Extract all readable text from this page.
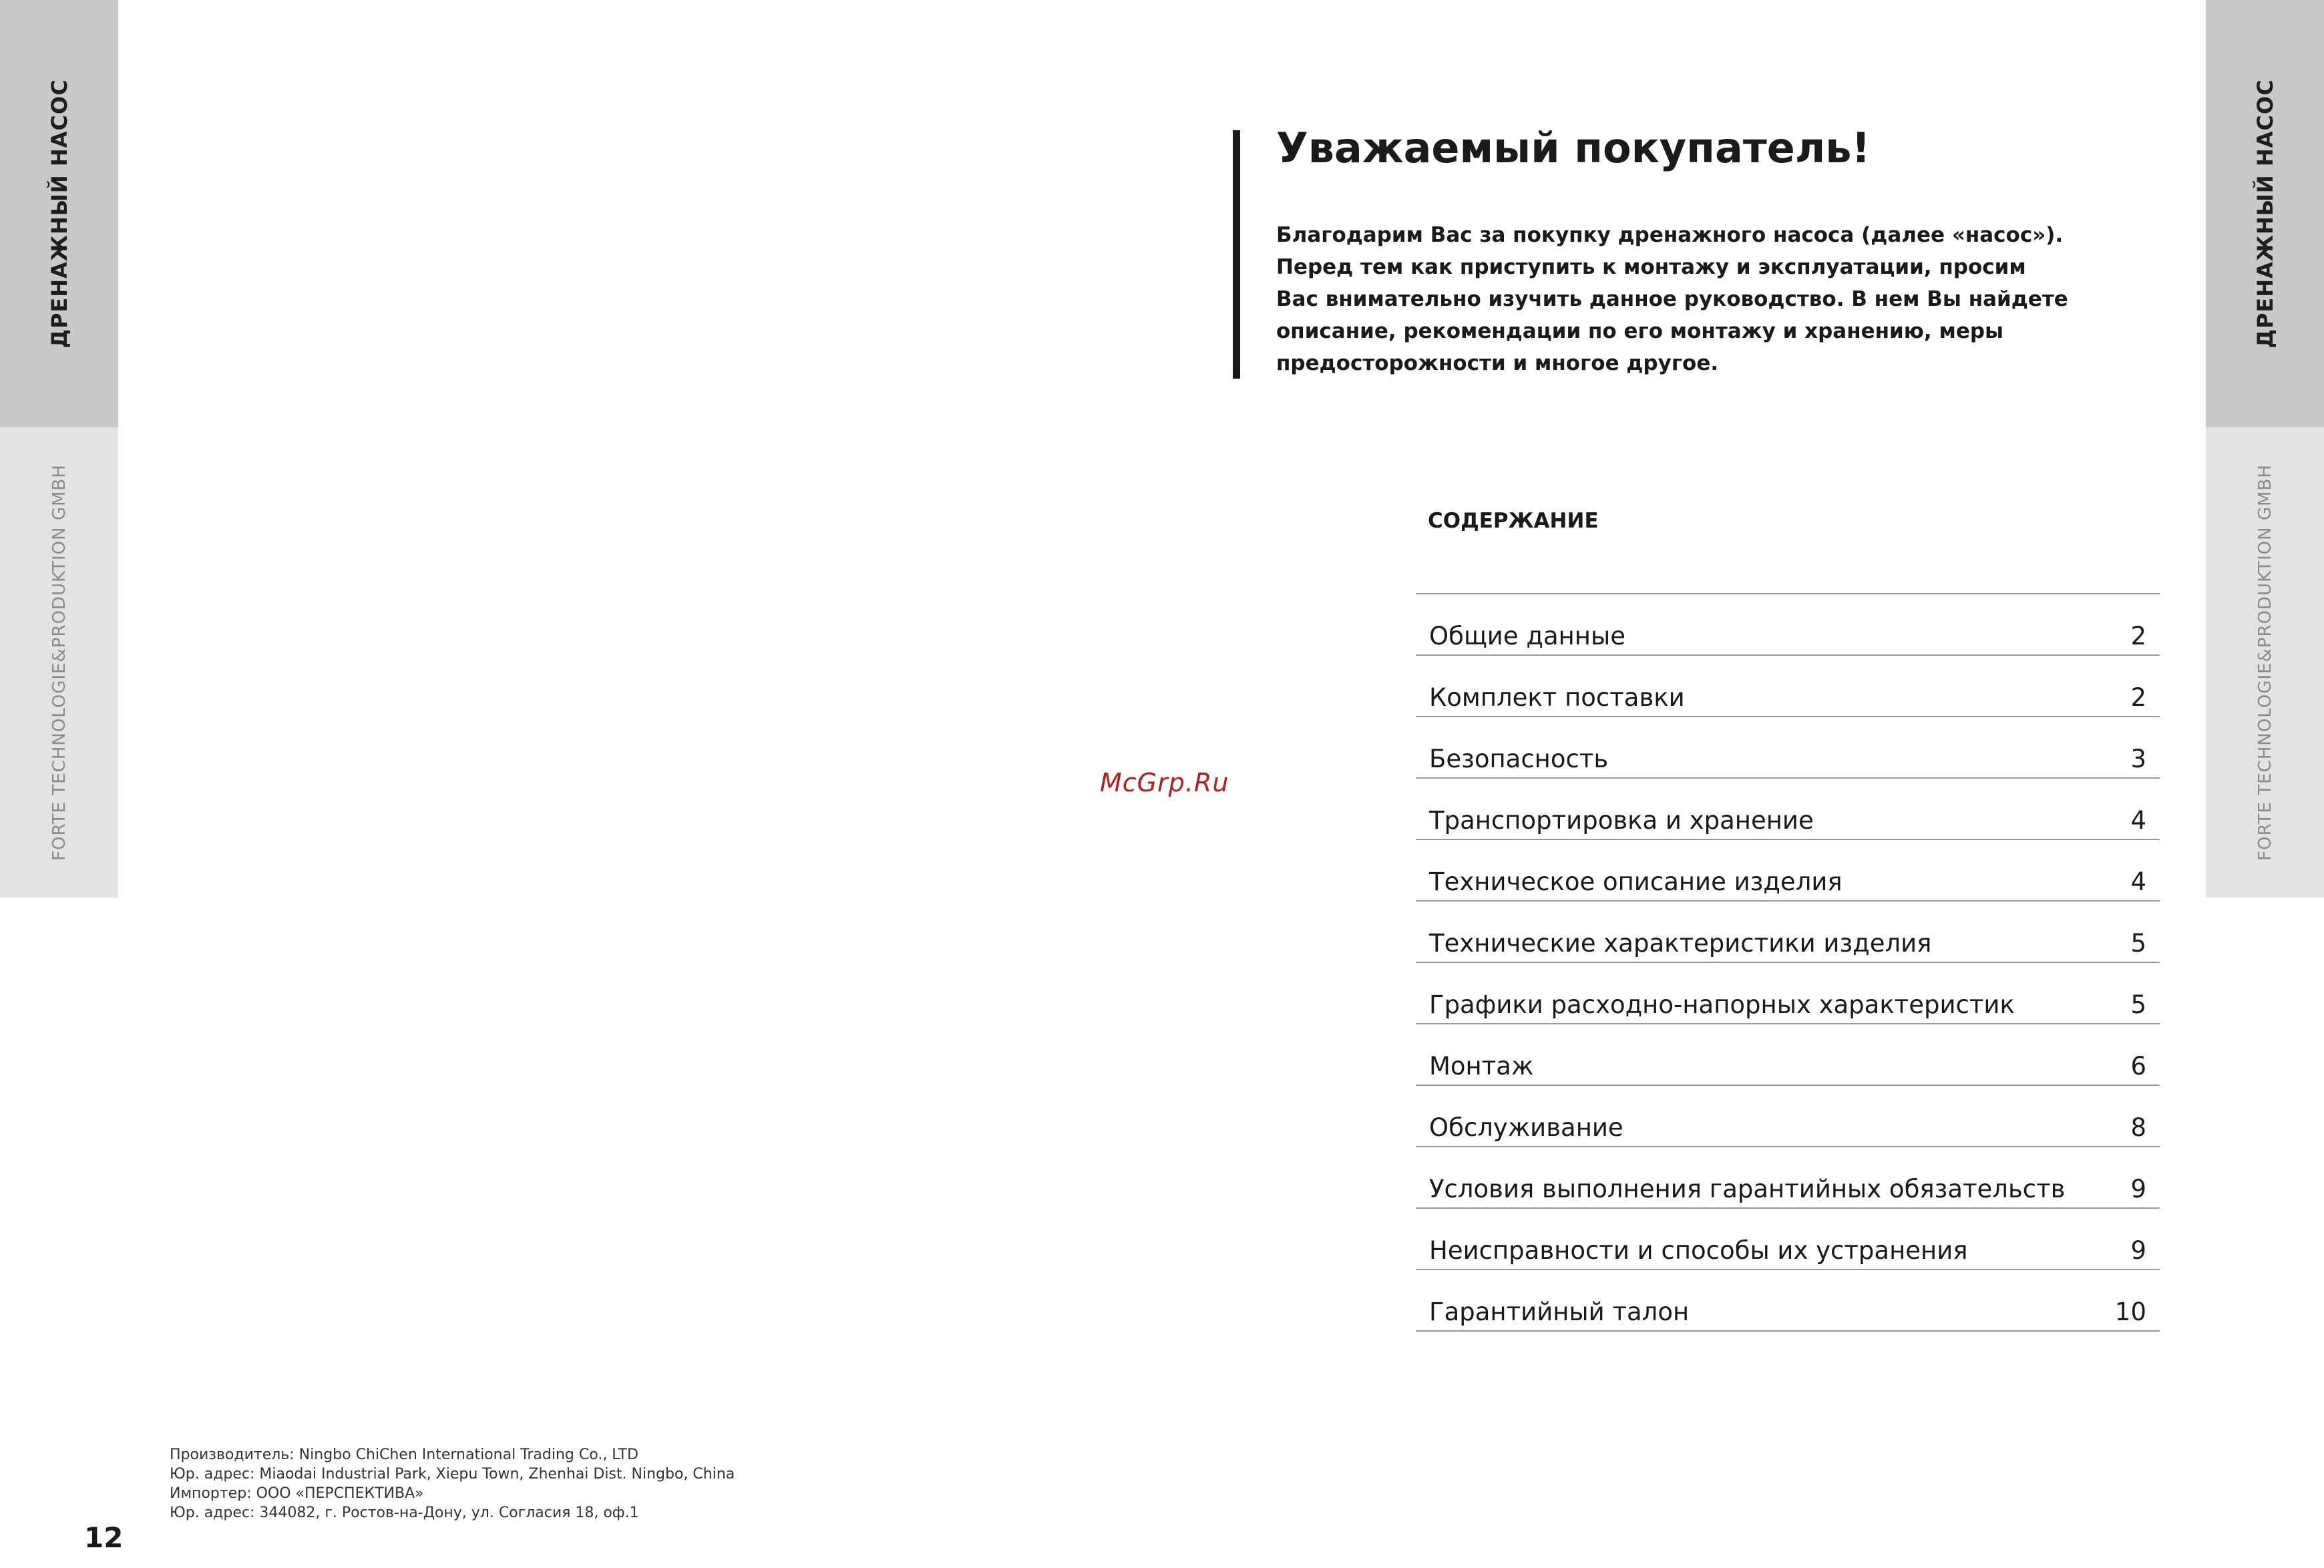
ДРЕНАЖНЫЙ НАСОС
FORTE TECHNOLOGIE&PRODUKTION GMBH
ДРЕНАЖНЫЙ НАСОС
FORTE TECHNOLOGIE&PRODUKTION GMBH
Уважаемый покупатель!

Благодарим Вас за покупку дренажного насоса (далее «насос»).
Перед тем как приступить к монтажу и эксплуатации, просим
Вас внимательно изучить данное руководство. В нем Вы найдете
описание, рекомендации по его монтажу и хранению, меры
предосторожности и многое другое.

СОДЕРЖАНИЕ
Общие данные	2
Комплект поставки	2
Безопасность	3
Транспортировка и хранение	4
Техническое описание изделия	4
Технические характеристики изделия	5
Графики расходно-напорных характеристик	5
Монтаж	6
Обслуживание	8
Условия выполнения гарантийных обязательств	9
Неисправности и способы их устранения	9
Гарантийный талон	10
McGrp.Ru
Производитель: Ningbo ChiChen International Trading Co., LTD
Юр. адрес: Miaodai Industrial Park, Xiepu Town, Zhenhai Dist. Ningbo, China
Импортер: ООО «ПЕРСПЕКТИВА»
Юр. адрес: 344082, г. Ростов-на-Дону, ул. Согласия 18, оф.1
12
